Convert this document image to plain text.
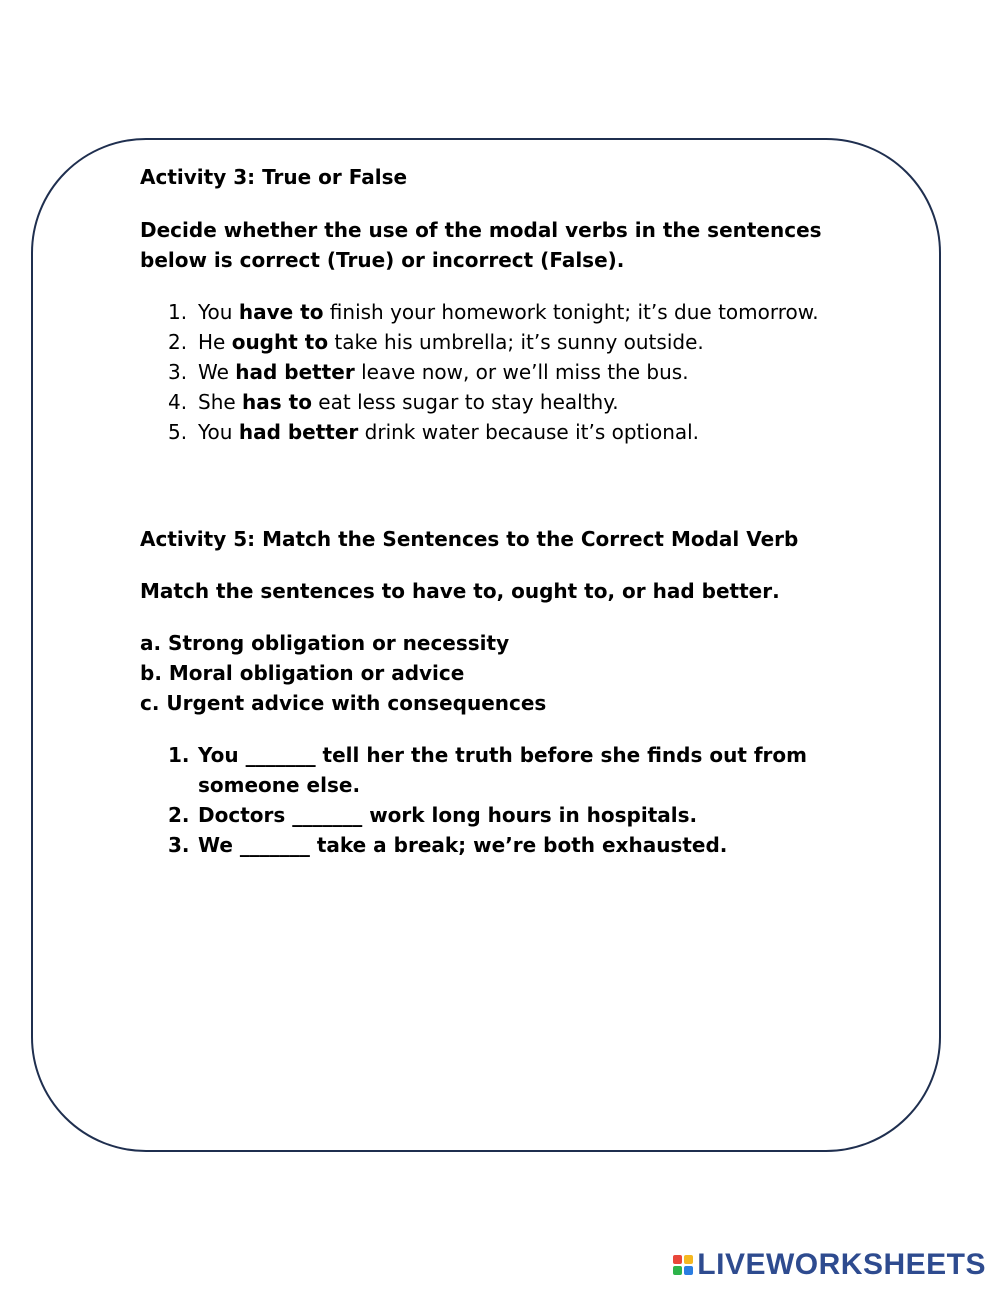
Activity 3: True or False

Decide whether the use of the modal verbs in the sentences below is correct (True) or incorrect (False).

1. You have to finish your homework tonight; it’s due tomorrow.
2. He ought to take his umbrella; it’s sunny outside.
3. We had better leave now, or we’ll miss the bus.
4. She has to eat less sugar to stay healthy.
5. You had better drink water because it’s optional.

Activity 5: Match the Sentences to the Correct Modal Verb

Match the sentences to have to, ought to, or had better.

a. Strong obligation or necessity
b. Moral obligation or advice
c. Urgent advice with consequences
1. You _______ tell her the truth before she finds out from someone else.
2. Doctors _______ work long hours in hospitals.
3. We _______ take a break; we’re both exhausted.
LIVEWORKSHEETS
